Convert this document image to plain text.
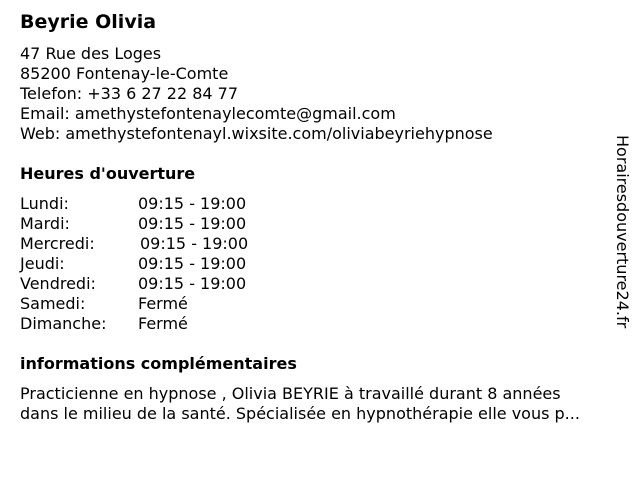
Beyrie Olivia
47 Rue des Loges
85200 Fontenay-le-Comte
Telefon: +33 6 27 22 84 77
Email: amethystefontenaylecomte@gmail.com
Web: amethystefontenayl.wixsite.com/oliviabeyriehypnose
Heures d'ouverture
Lundi:	09:15 - 19:00
Mardi:	09:15 - 19:00
Mercredi:	09:15 - 19:00
Jeudi:	09:15 - 19:00
Vendredi:	09:15 - 19:00
Samedi:	Fermé
Dimanche: Fermé
informations complémentaires
Practicienne en hypnose , Olivia BEYRIE à travaillé durant 8 années
dans le milieu de la santé. Spécialisée en hypnothérapie elle vous p...
Horairesdouverture24.fr
